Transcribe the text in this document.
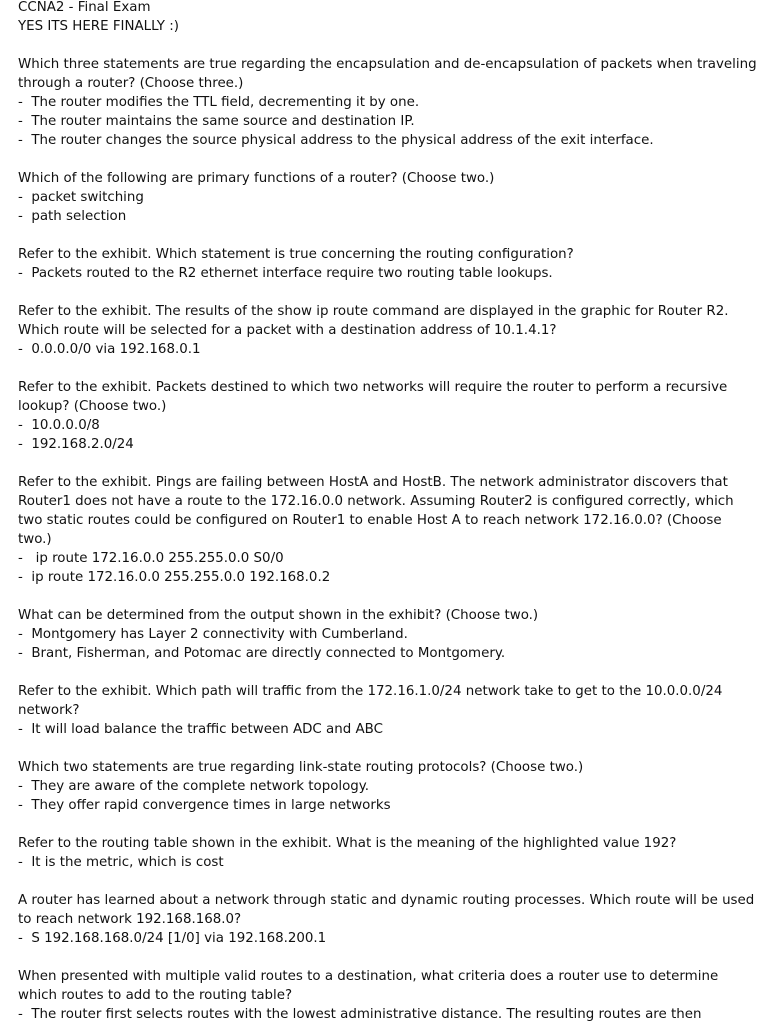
CCNA2 - Final Exam
YES ITS HERE FINALLY :)
Which three statements are true regarding the encapsulation and de-encapsulation of packets when traveling through a router? (Choose three.)
-  The router modifies the TTL field, decrementing it by one.
-  The router maintains the same source and destination IP.
-  The router changes the source physical address to the physical address of the exit interface.
Which of the following are primary functions of a router? (Choose two.)
-  packet switching
-  path selection
Refer to the exhibit. Which statement is true concerning the routing configuration?
-  Packets routed to the R2 ethernet interface require two routing table lookups.
Refer to the exhibit. The results of the show ip route command are displayed in the graphic for Router R2. Which route will be selected for a packet with a destination address of 10.1.4.1?
-  0.0.0.0/0 via 192.168.0.1
Refer to the exhibit. Packets destined to which two networks will require the router to perform a recursive lookup? (Choose two.)
-  10.0.0.0/8
-  192.168.2.0/24
Refer to the exhibit. Pings are failing between HostA and HostB. The network administrator discovers that Router1 does not have a route to the 172.16.0.0 network. Assuming Router2 is configured correctly, which two static routes could be configured on Router1 to enable Host A to reach network 172.16.0.0? (Choose two.)
-   ip route 172.16.0.0 255.255.0.0 S0/0
-  ip route 172.16.0.0 255.255.0.0 192.168.0.2
What can be determined from the output shown in the exhibit? (Choose two.)
-  Montgomery has Layer 2 connectivity with Cumberland.
-  Brant, Fisherman, and Potomac are directly connected to Montgomery.
Refer to the exhibit. Which path will traffic from the 172.16.1.0/24 network take to get to the 10.0.0.0/24 network?
-  It will load balance the traffic between ADC and ABC
Which two statements are true regarding link-state routing protocols? (Choose two.)
-  They are aware of the complete network topology.
-  They offer rapid convergence times in large networks
Refer to the routing table shown in the exhibit. What is the meaning of the highlighted value 192?
-  It is the metric, which is cost
A router has learned about a network through static and dynamic routing processes. Which route will be used to reach network 192.168.168.0?
-  S 192.168.168.0/24 [1/0] via 192.168.200.1
When presented with multiple valid routes to a destination, what criteria does a router use to determine which routes to add to the routing table?
-  The router first selects routes with the lowest administrative distance. The resulting routes are then
